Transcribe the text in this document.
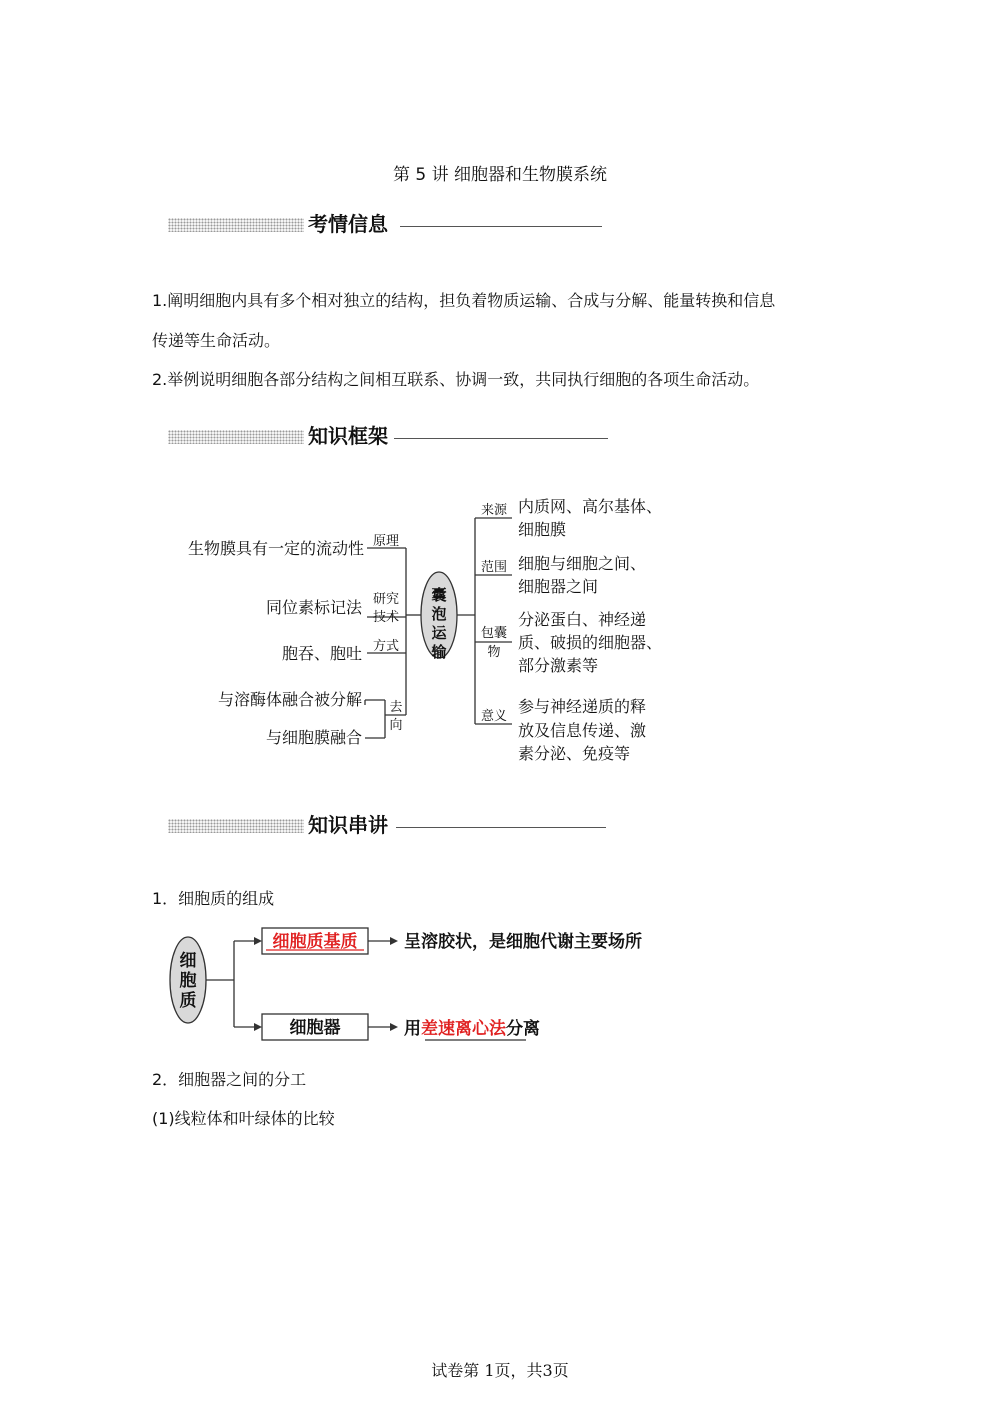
第 5 讲 细胞器和生物膜系统
考情信息
1.阐明细胞内具有多个相对独立的结构，担负着物质运输、合成与分解、能量转换和信息
传递等生命活动。
2.举例说明细胞各部分结构之间相互联系、协调一致，共同执行细胞的各项生命活动。
知识框架
囊
泡
运
输
生物膜具有一定的流动性
同位素标记法
胞吞、胞吐
与溶酶体融合被分解
与细胞膜融合
原理
研究
技术
方式
去
向
来源
范围
包囊
物
意义
内质网、高尔基体、
细胞膜
细胞与细胞之间、
细胞器之间
分泌蛋白、神经递
质、破损的细胞器、
部分激素等
参与神经递质的释
放及信息传递、激
素分泌、免疫等
知识串讲
1．细胞质的组成
细
胞
质
细胞质基质	呈溶胶状，是细胞代谢主要场所
细胞器	用差速离心法分离
2．细胞器之间的分工
(1)线粒体和叶绿体的比较
试卷第 1页，共3页
